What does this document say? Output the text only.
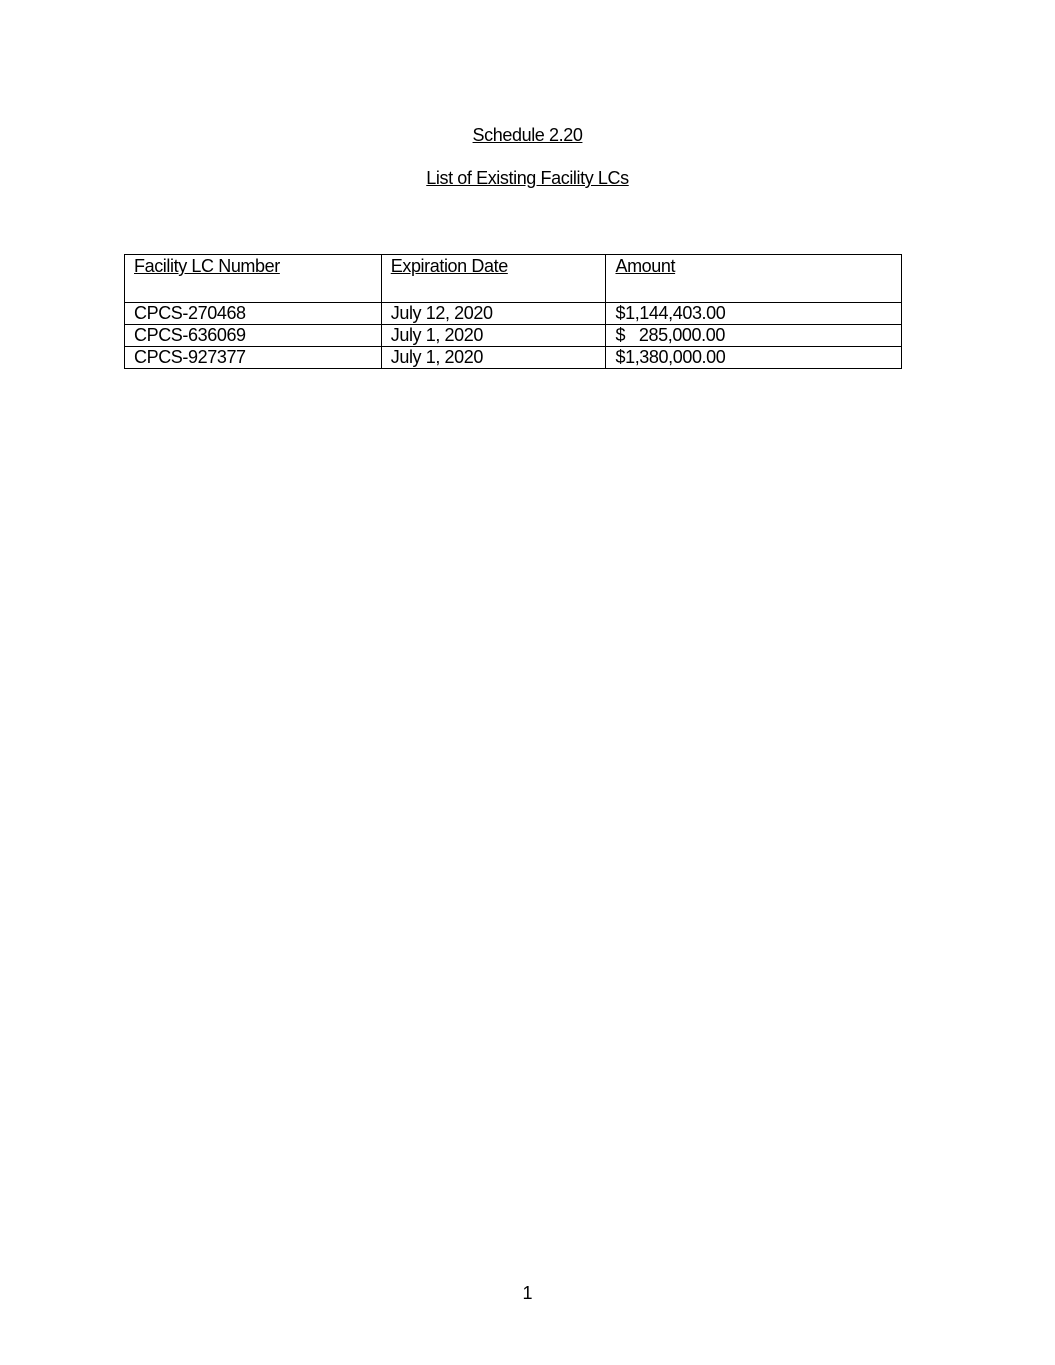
Schedule 2.20
List of Existing Facility LCs
Facility LC Number	Expiration Date	Amount
CPCS-270468	July 12, 2020	$1,144,403.00
CPCS-636069	July 1, 2020	$   285,000.00
CPCS-927377	July 1, 2020	$1,380,000.00
1
